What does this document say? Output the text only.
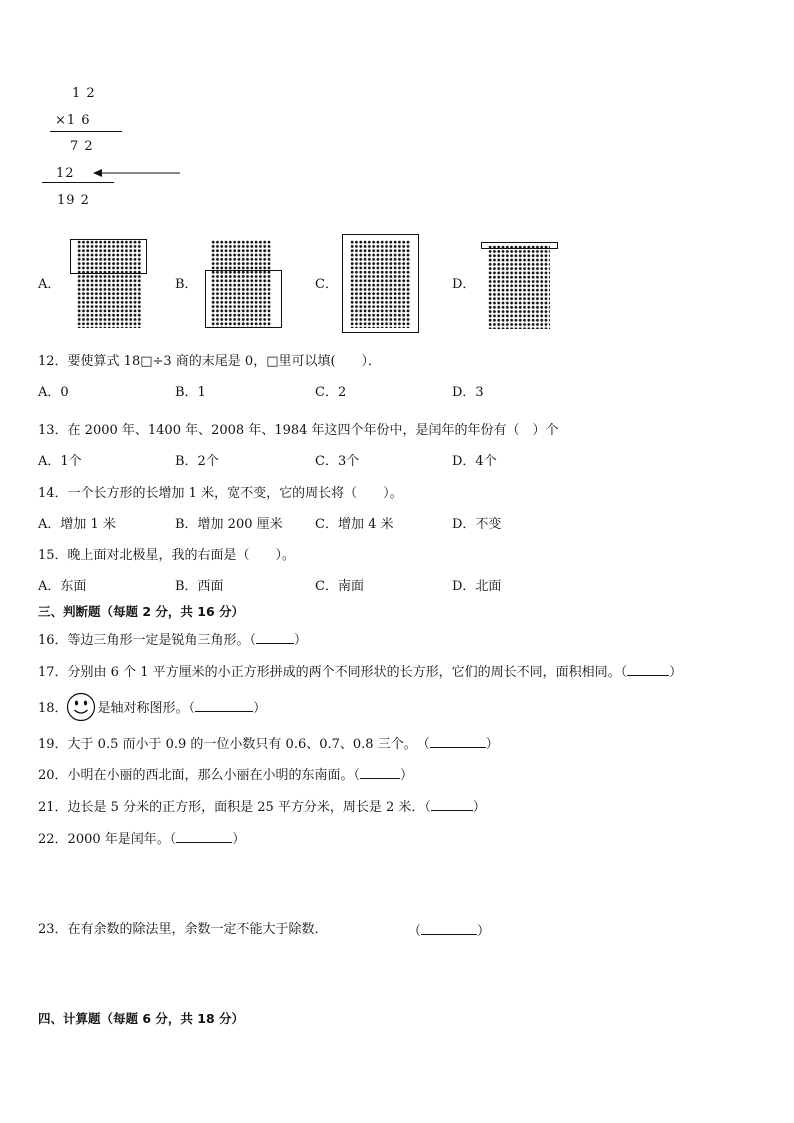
1 2
×1 6
7 2
12
19 2
A．	B．	C．	D．
12．要使算式 18□÷3 商的末尾是 0，□里可以填(　　）．
A．0	B．1	C．2	D．3
13．在 2000 年、1400 年、2008 年、1984 年这四个年份中，是闰年的年份有（　）个
A．1个	B．2个	C．3个	D．4个
14．一个长方形的长增加 1 米，宽不变，它的周长将（　　）。
A．增加 1 米	B．增加 200 厘米 C．增加 4 米	D．不变
15．晚上面对北极星，我的右面是（　　）。
A．东面	B．西面	C．南面	D．北面
三、判断题（每题 2 分，共 16 分）
16．等边三角形一定是锐角三角形。（	）
17．分别由 6 个 1 平方厘米的小正方形拼成的两个不同形状的长方形，它们的周长不同，面积相同。（	）
18． 是轴对称图形。（	）
19．大于 0.5 而小于 0.9 的一位小数只有 0.6、0.7、0.8 三个。　（	）
20．小明在小丽的西北面，那么小丽在小明的东南面。（	）
21．边长是 5 分米的正方形，面积是 25 平方分米，周长是 2 米．（	）
22．2000 年是闰年。（	）
23．在有余数的除法里，余数一定不能大于除数．	（	）
四、计算题（每题 6 分，共 18 分）
